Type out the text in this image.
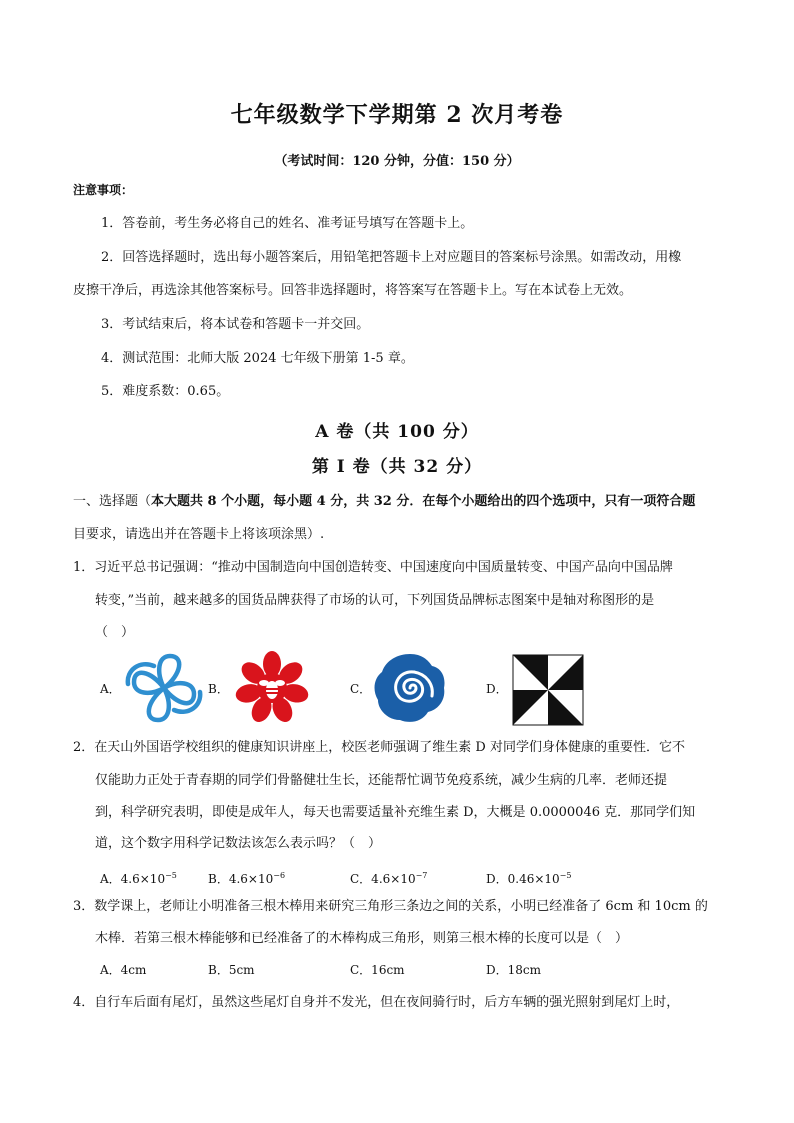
七年级数学下学期第 2 次月考卷
（考试时间：120 分钟，分值：150 分）
注意事项：
1．答卷前，考生务必将自己的姓名、准考证号填写在答题卡上。
2．回答选择题时，选出每小题答案后，用铅笔把答题卡上对应题目的答案标号涂黑。如需改动，用橡
皮擦干净后，再选涂其他答案标号。回答非选择题时，将答案写在答题卡上。写在本试卷上无效。
3．考试结束后，将本试卷和答题卡一并交回。
4．测试范围：北师大版 2024 七年级下册第 1-5 章。
5．难度系数：0.65。
A 卷（共 100 分）
第 I 卷（共 32 分）
一、选择题（本大题共 8 个小题，每小题 4 分，共 32 分．在每个小题给出的四个选项中，只有一项符合题
目要求，请选出并在答题卡上将该项涂黑）.
1．习近平总书记强调：“推动中国制造向中国创造转变、中国速度向中国质量转变、中国产品向中国品牌
转变，”当前，越来越多的国货品牌获得了市场的认可，下列国货品牌标志图案中是轴对称图形的是
（　）
A．	B．	C．	D．
2．在天山外国语学校组织的健康知识讲座上，校医老师强调了维生素 D 对同学们身体健康的重要性．它不
仅能助力正处于青春期的同学们骨骼健壮生长，还能帮忙调节免疫系统，减少生病的几率．老师还提
到，科学研究表明，即使是成年人，每天也需要适量补充维生素 D，大概是 0.0000046 克．那同学们知
道，这个数字用科学记数法该怎么表示吗？（　）
A．$4.6\times 10^{-5}$	B．$4.6\times 10^{-6}$	C．$4.6\times 10^{-7}$	D．$0.46\times 10^{-5}$
3．数学课上，老师让小明准备三根木棒用来研究三角形三条边之间的关系，小明已经准备了 6cm 和 10cm 的
木棒．若第三根木棒能够和已经准备了的木棒构成三角形，则第三根木棒的长度可以是（　）
A．4cm	B．5cm	C．16cm	D．18cm
4．自行车后面有尾灯，虽然这些尾灯自身并不发光，但在夜间骑行时，后方车辆的强光照射到尾灯上时，
